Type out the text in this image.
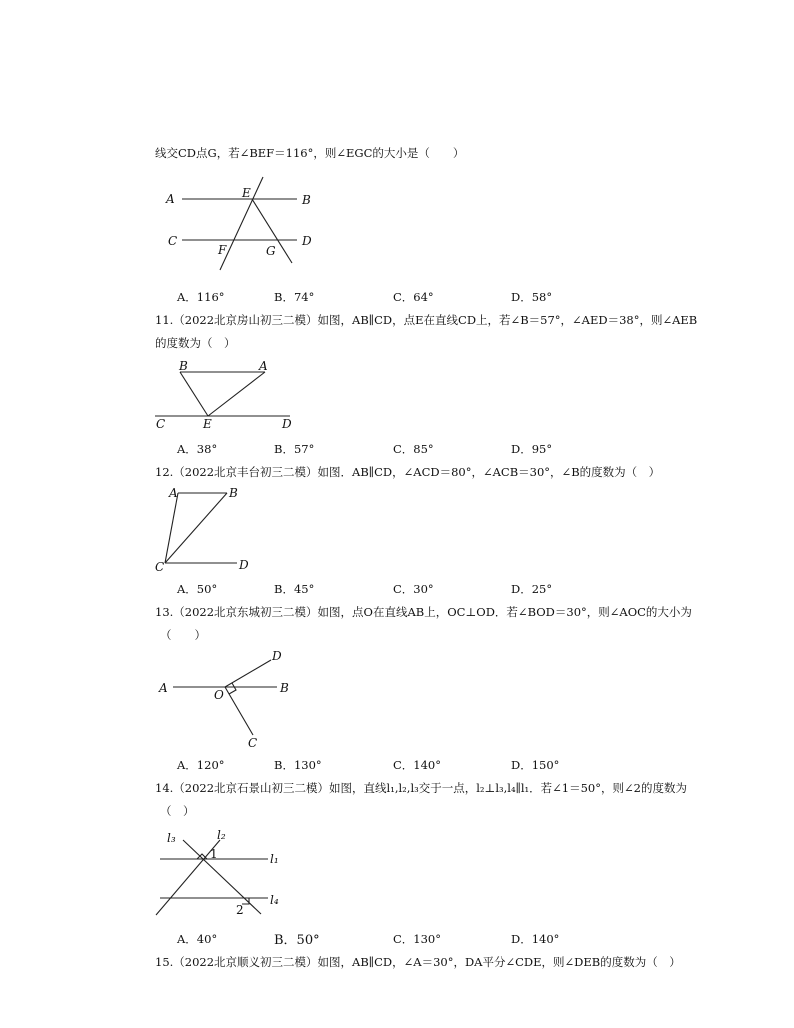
线交CD点G，若∠BEF＝116°，则∠EGC的大小是（　　）
A	B
E
C	D
F	G
A．116°	B．74°	C．64°	D．58°
11.（2022北京房山初三二模）如图，AB∥CD，点E在直线CD上，若∠B＝57°，∠AED＝38°，则∠AEB
的度数为（　）
B	A
C	E	D
A．38°	B．57°	C．85°	D．95°
12.（2022北京丰台初三二模）如图．AB∥CD，∠ACD＝80°，∠ACB＝30°，∠B的度数为（　）
A	B
C	D
A．50°	B．45°	C．30°	D．25°
13.（2022北京东城初三二模）如图，点O在直线AB上，OC⊥OD．若∠BOD＝30°，则∠AOC的大小为
（　　）
A	B
O
D
C
A．120°	B．130°	C．140°	D．150°
14.（2022北京石景山初三二模）如图，直线l₁,l₂,l₃交于一点，l₂⊥l₃,l₄∥l₁．若∠1＝50°，则∠2的度数为
（　）
l₃	l₂
1	l₁
l₄
2
A．40°	B．50°	C．130°	D．140°
15.（2022北京顺义初三二模）如图，AB∥CD，∠A＝30°，DA平分∠CDE，则∠DEB的度数为（　）
